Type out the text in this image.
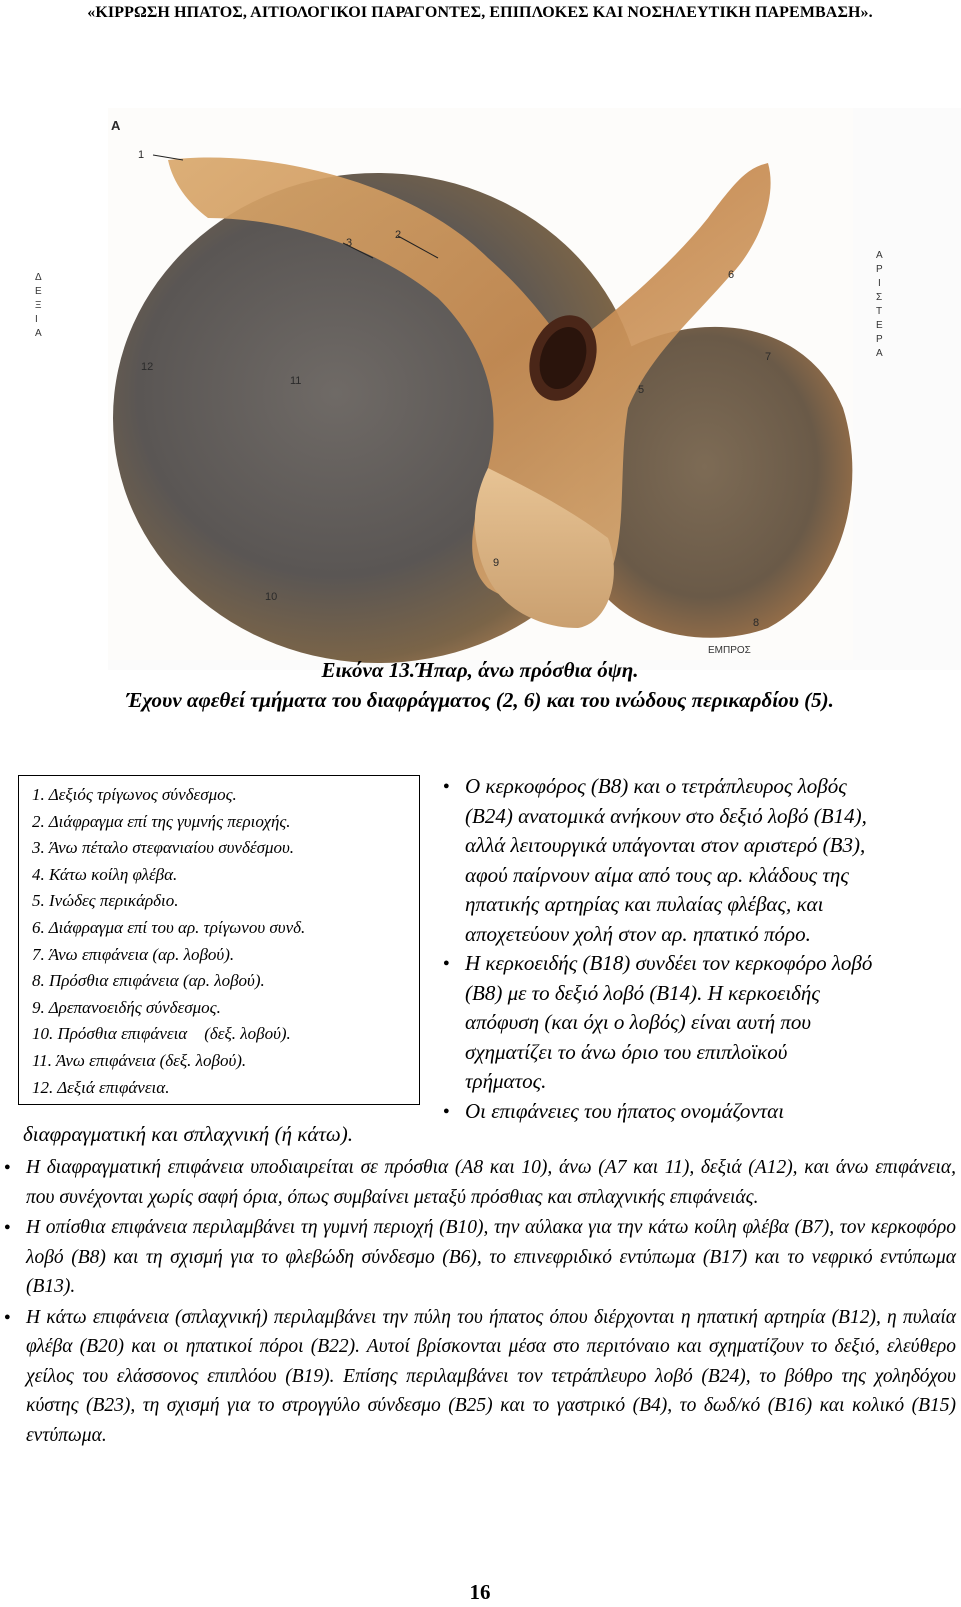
«ΚΙΡΡΩΣΗ ΗΠΑΤΟΣ, ΑΙΤΙΟΛΟΓΙΚΟΙ ΠΑΡΑΓΟΝΤΕΣ, ΕΠΙΠΛΟΚΕΣ ΚΑΙ ΝΟΣΗΛΕΥΤΙΚΗ ΠΑΡΕΜΒΑΣΗ».
A
1
2
3
5
6
7
8
9
10
11
12
Δ
Ε
Ξ
Ι
Α
Α
Ρ
Ι
Σ
Τ
Ε
Ρ
Α
ΕΜΠΡΟΣ
Εικόνα 13.Ήπαρ, άνω πρόσθια όψη.
Έχουν αφεθεί τμήματα του διαφράγματος (2, 6) και του ινώδους περικαρδίου (5).
1. Δεξιός τρίγωνος σύνδεσμος.
2. Διάφραγμα επί της γυμνής περιοχής.
3. Άνω πέταλο στεφανιαίου συνδέσμου.
4. Κάτω κοίλη φλέβα.
5. Ινώδες περικάρδιο.
6. Διάφραγμα επί του αρ. τρίγωνου συνδ.
7. Άνω επιφάνεια (αρ. λοβού).
8. Πρόσθια επιφάνεια (αρ. λοβού).
9. Δρεπανοειδής σύνδεσμος.
10. Πρόσθια επιφάνεια    (δεξ. λοβού).
11. Άνω επιφάνεια (δεξ. λοβού).
12. Δεξιά επιφάνεια.
● Ο κερκοφόρος (Β8) και ο τετράπλευρος λοβός
(Β24) ανατομικά ανήκουν στο δεξιό λοβό (Β14),
αλλά λειτουργικά υπάγονται στον αριστερό (Β3),
αφού παίρνουν αίμα από τους αρ. κλάδους της
ηπατικής αρτηρίας και πυλαίας φλέβας, και
αποχετεύουν χολή στον αρ. ηπατικό πόρο.
● Η κερκοειδής (Β18) συνδέει τον κερκοφόρο λοβό
(Β8) με το δεξιό λοβό (Β14). Η κερκοειδής
απόφυση (και όχι ο λοβός) είναι αυτή που
σχηματίζει το άνω όριο του επιπλοϊκού
τρήματος.
● Οι επιφάνειες του ήπατος ονομάζονται
διαφραγματική και σπλαχνική (ή κάτω).
● Η διαφραγματική επιφάνεια υποδιαιρείται σε πρόσθια (Α8 και 10), άνω (Α7 και 11), δεξιά (Α12), και άνω επιφάνεια, που συνέχονται χωρίς σαφή όρια, όπως συμβαίνει μεταξύ πρόσθιας και σπλαχνικής επιφάνειάς.
● Η οπίσθια επιφάνεια περιλαμβάνει τη γυμνή περιοχή (Β10), την αύλακα για την κάτω κοίλη φλέβα (Β7), τον κερκοφόρο λοβό (Β8) και τη σχισμή για το φλεβώδη σύνδεσμο (Β6), το επινεφριδικό εντύπωμα (Β17) και το νεφρικό εντύπωμα (Β13).
● Η κάτω επιφάνεια (σπλαχνική) περιλαμβάνει την πύλη του ήπατος όπου διέρχονται η ηπατική αρτηρία (Β12), η πυλαία φλέβα (Β20) και οι ηπατικοί πόροι (Β22). Αυτοί βρίσκονται μέσα στο περιτόναιο και σχηματίζουν το δεξιό, ελεύθερο χείλος του ελάσσονος επιπλόου (Β19). Επίσης περιλαμβάνει τον τετράπλευρο λοβό (Β24), το βόθρο της χοληδόχου κύστης (Β23), τη σχισμή για το στρογγύλο σύνδεσμο (Β25) και το γαστρικό (Β4), το δωδ/κό (Β16) και κολικό (Β15) εντύπωμα.
16
